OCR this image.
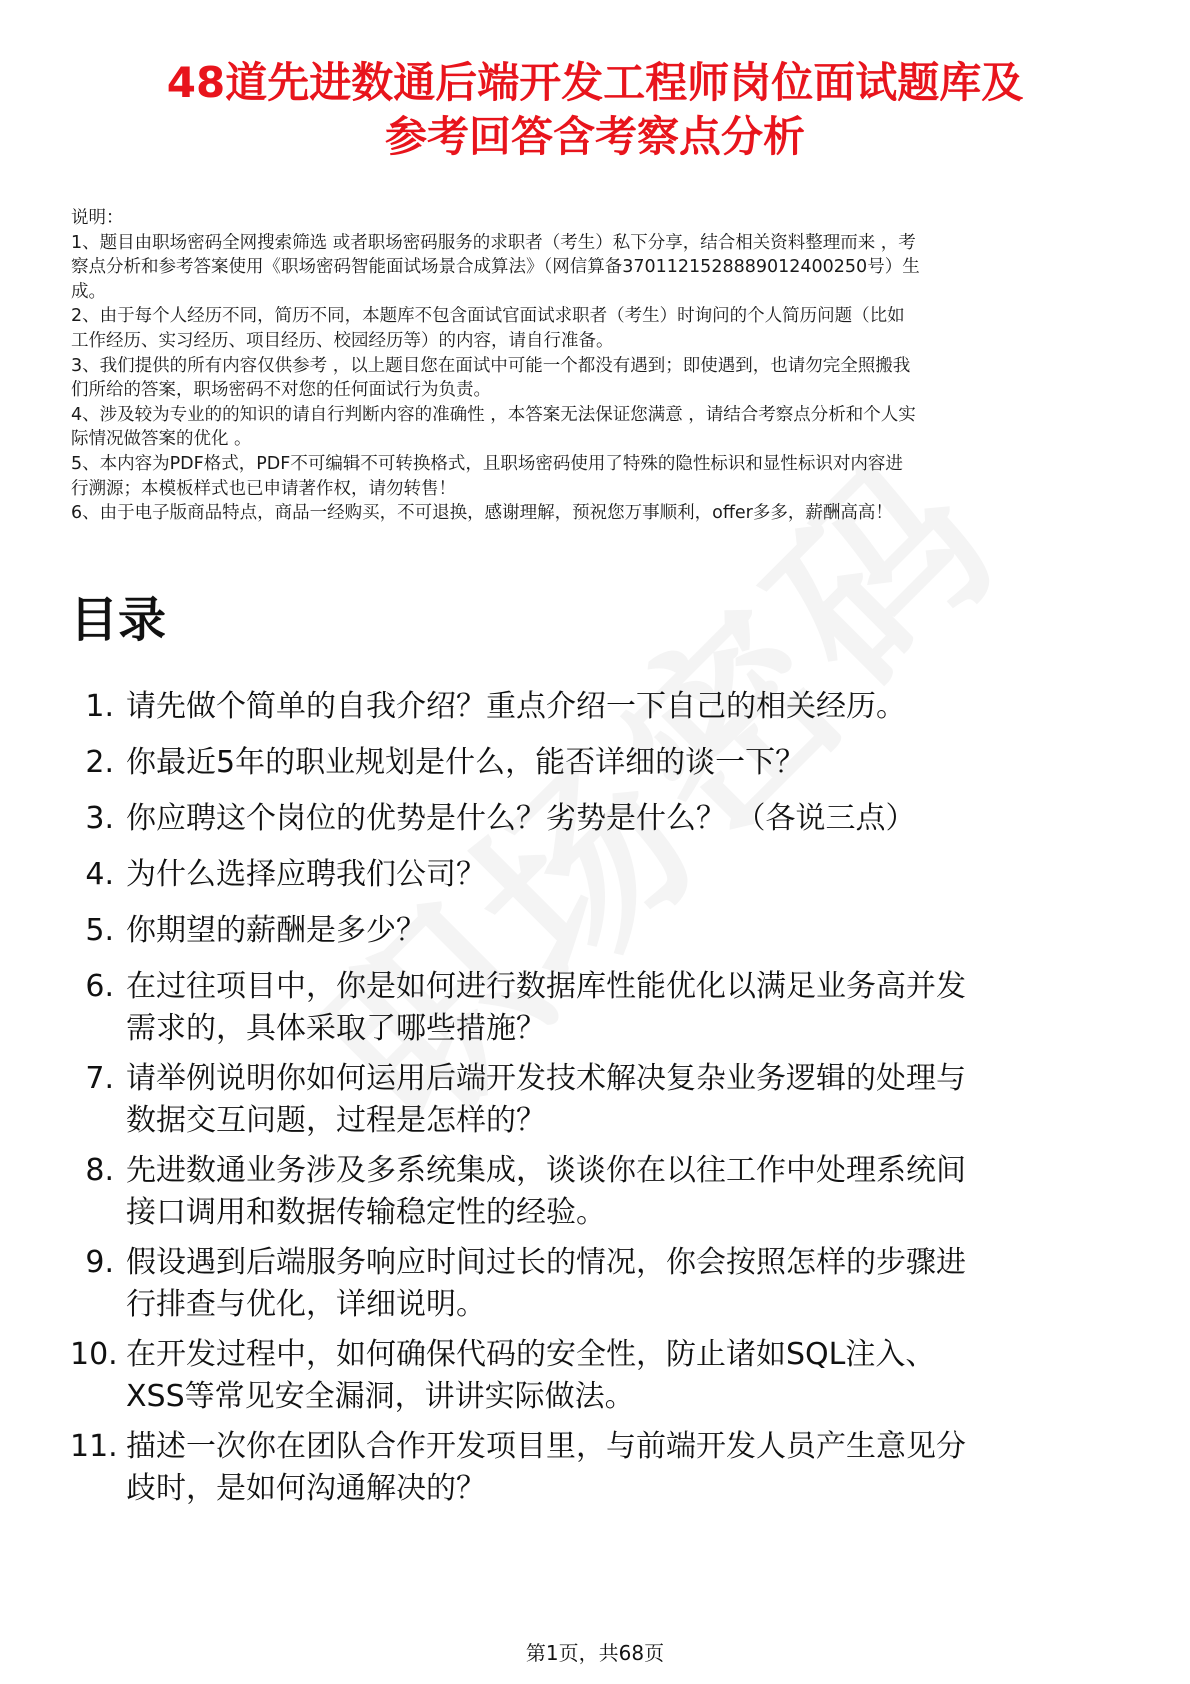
48道先进数通后端开发工程师岗位面试题库及
参考回答含考察点分析
说明：
1、题目由职场密码全网搜索筛选 或者职场密码服务的求职者（考生）私下分享，结合相关资料整理而来 ，考
察点分析和参考答案使用《职场密码智能面试场景合成算法》（网信算备3701121528889012400250号）生
成。
2、由于每个人经历不同，简历不同，本题库不包含面试官面试求职者（考生）时询问的个人简历问题（比如
工作经历、实习经历、项目经历、校园经历等）的内容，请自行准备。
3、我们提供的所有内容仅供参考 ，以上题目您在面试中可能一个都没有遇到；即使遇到，也请勿完全照搬我
们所给的答案，职场密码不对您的任何面试行为负责。
4、涉及较为专业的的知识的请自行判断内容的准确性 ，本答案无法保证您满意 ，请结合考察点分析和个人实
际情况做答案的优化 。
5、本内容为PDF格式，PDF不可编辑不可转换格式，且职场密码使用了特殊的隐性标识和显性标识对内容进
行溯源；本模板样式也已申请著作权，请勿转售！
6、由于电子版商品特点，商品一经购买，不可退换，感谢理解，预祝您万事顺利，offer多多，薪酬高高！
目录
1. 请先做个简单的自我介绍？重点介绍一下自己的相关经历。
2. 你最近5年的职业规划是什么，能否详细的谈一下？
3. 你应聘这个岗位的优势是什么？劣势是什么？ （各说三点）
4. 为什么选择应聘我们公司？
5. 你期望的薪酬是多少？
6. 在过往项目中，你是如何进行数据库性能优化以满足业务高并发
需求的，具体采取了哪些措施？
7. 请举例说明你如何运用后端开发技术解决复杂业务逻辑的处理与
数据交互问题，过程是怎样的？
8. 先进数通业务涉及多系统集成，谈谈你在以往工作中处理系统间
接口调用和数据传输稳定性的经验。
9. 假设遇到后端服务响应时间过长的情况，你会按照怎样的步骤进
行排查与优化，详细说明。
10. 在开发过程中，如何确保代码的安全性，防止诸如SQL注入、
XSS等常见安全漏洞，讲讲实际做法。
11. 描述一次你在团队合作开发项目里，与前端开发人员产生意见分
歧时，是如何沟通解决的？
第1页，共68页
